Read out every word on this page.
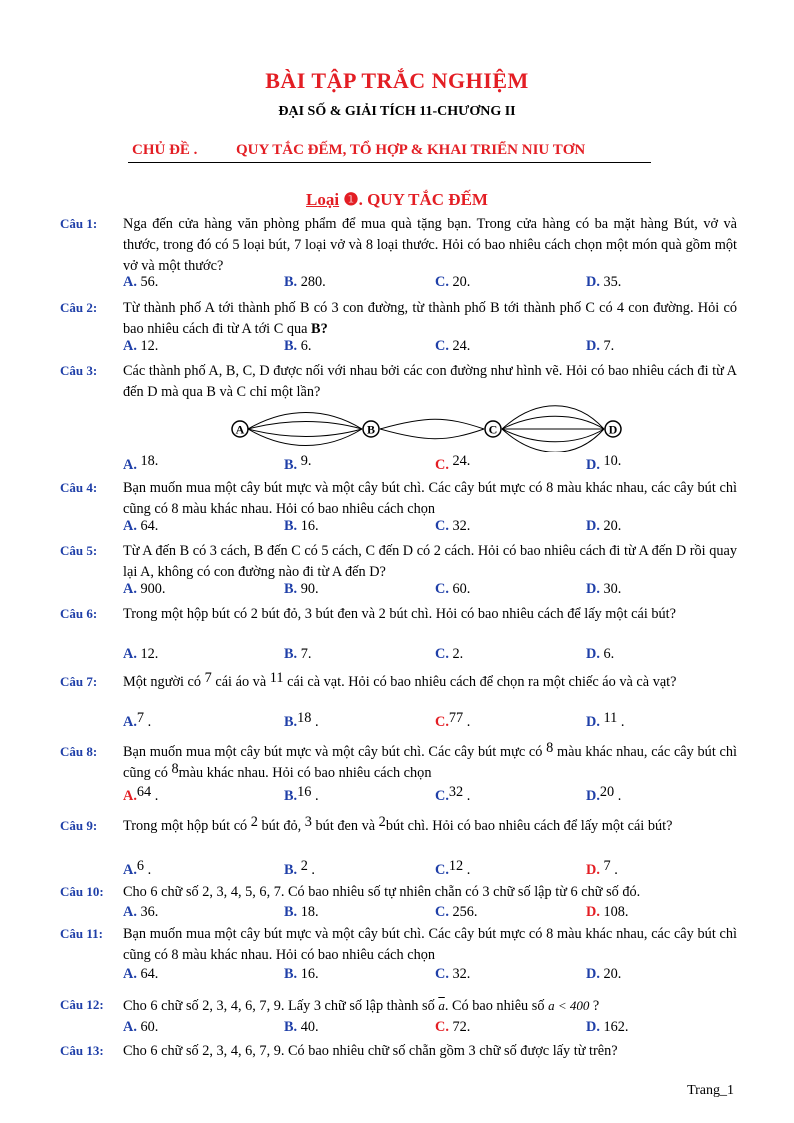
BÀI TẬP TRẮC NGHIỆM
ĐẠI SỐ & GIẢI TÍCH 11-CHƯƠNG II
CHỦ ĐỀ .	QUY TẮC ĐẾM, TỔ HỢP & KHAI TRIỂN NIU TƠN
Loại ❶. QUY TẮC ĐẾM
Câu 1: Nga đến cửa hàng văn phòng phẩm để mua quà tặng bạn. Trong cửa hàng có ba mặt hàng Bút, vở và thước, trong đó có 5 loại bút, 7 loại vở và 8 loại thước. Hỏi có bao nhiêu cách chọn một món quà gồm một vở và một thước?
A. 56.	B. 280.	C. 20.	D. 35.
Câu 2: Từ thành phố A tới thành phố B có 3 con đường, từ thành phố B tới thành phố C có 4 con đường. Hỏi có bao nhiêu cách đi từ A tới C qua B?
A. 12.	B. 6.	C. 24.	D. 7.
Câu 3: Các thành phố A, B, C, D được nối với nhau bởi các con đường như hình vẽ. Hỏi có bao nhiêu cách đi từ A đến D mà qua B và C chỉ một lần?
A. 18.	B. 9.	C. 24.	D. 10.
A	B	C	D
Câu 4: Bạn muốn mua một cây bút mực và một cây bút chì. Các cây bút mực có 8 màu khác nhau, các cây bút chì cũng có 8 màu khác nhau. Hỏi có bao nhiêu cách chọn
A. 64.	B. 16.	C. 32.	D. 20.
Câu 5: Từ A đến B có 3 cách, B đến C có 5 cách, C đến D có 2 cách. Hỏi có bao nhiêu cách đi từ A đến D rồi quay lại A, không có con đường nào đi từ A đến D?
A. 900.	B. 90.	C. 60.	D. 30.
Câu 6: Trong một hộp bút có 2 bút đỏ, 3 bút đen và 2 bút chì. Hỏi có bao nhiêu cách để lấy một cái bút?
A. 12.	B. 7.	C. 2.	D. 6.
Câu 7: Một người có 7 cái áo và 11 cái cà vạt. Hỏi có bao nhiêu cách để chọn ra một chiếc áo và cà vạt?
A.7 .	B.18 .	C.77 .	D. 11 .
Câu 8: Bạn muốn mua một cây bút mực và một cây bút chì. Các cây bút mực có 8 màu khác nhau, các cây bút chì cũng có 8màu khác nhau. Hỏi có bao nhiêu cách chọn
A.64 .	B.16 .	C.32 .	D.20 .
Câu 9: Trong một hộp bút có 2 bút đỏ, 3 bút đen và 2bút chì. Hỏi có bao nhiêu cách để lấy một cái bút?
A.6 .	B. 2 .	C.12 .	D. 7 .
Câu 10: Cho 6 chữ số 2, 3, 4, 5, 6, 7. Có bao nhiêu số tự nhiên chẵn có 3 chữ số lập từ 6 chữ số đó.
A. 36.	B. 18.	C. 256.	D. 108.
Câu 11: Bạn muốn mua một cây bút mực và một cây bút chì. Các cây bút mực có 8 màu khác nhau, các cây bút chì cũng có 8 màu khác nhau. Hỏi có bao nhiêu cách chọn
A. 64.	B. 16.	C. 32.	D. 20.
Câu 12: Cho 6 chữ số 2, 3, 4, 6, 7, 9. Lấy 3 chữ số lập thành số $\overline{a}$. Có bao nhiêu số a < 400 ?
A. 60.	B. 40.	C. 72.	D. 162.
Câu 13: Cho 6 chữ số 2, 3, 4, 6, 7, 9. Có bao nhiêu chữ số chẵn gồm 3 chữ số được lấy từ trên?
Trang_1
